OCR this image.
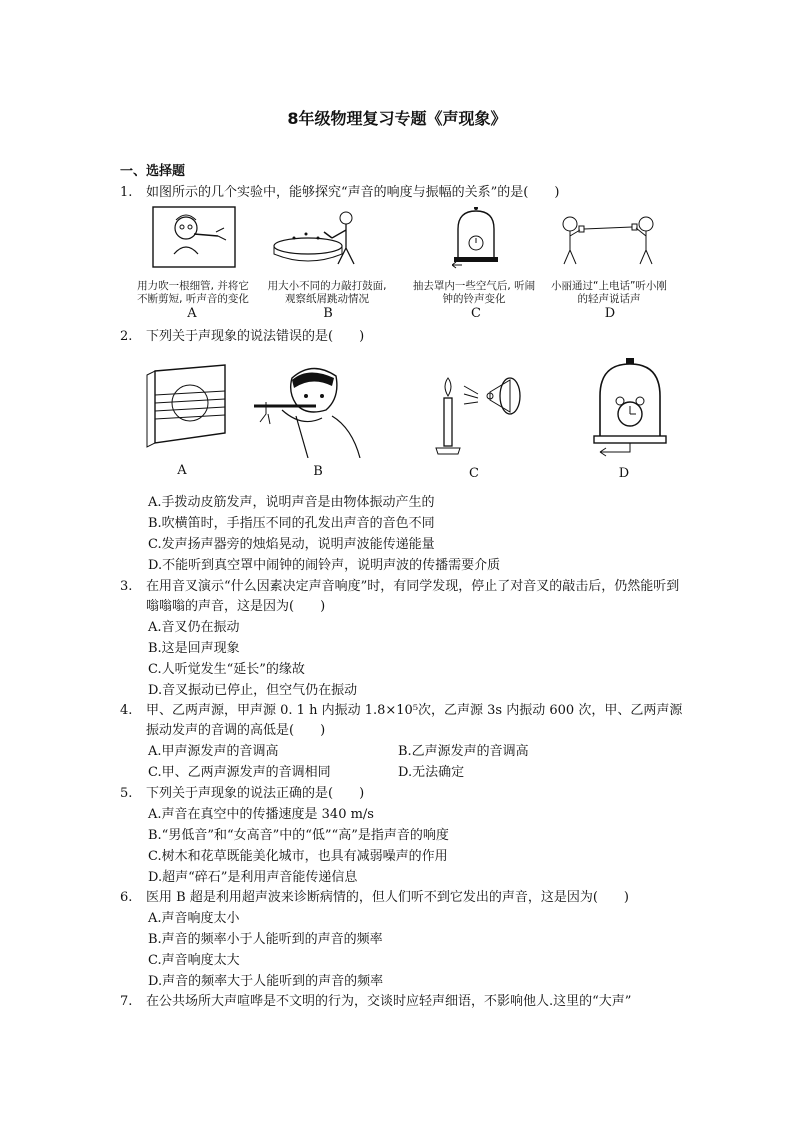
8年级物理复习专题《声现象》
一、选择题
1.	如图所示的几个实验中，能够探究“声音的响度与振幅的关系”的是(　　)
用力吹一根细管, 并将它不断剪短, 听声音的变化
用大小不同的力敲打鼓面, 观察纸屑跳动情况
抽去罩内一些空气后, 听闹钟的铃声变化
小丽通过“上电话”听小刚的轻声说话声
A	B	C	D
2.	下列关于声现象的说法错误的是(　　)
A	B	C	D
A.手拨动皮筋发声，说明声音是由物体振动产生的
B.吹横笛时，手指压不同的孔发出声音的音色不同
C.发声扬声器旁的烛焰晃动，说明声波能传递能量
D.不能听到真空罩中闹钟的闹铃声，说明声波的传播需要介质
3.	在用音叉演示“什么因素决定声音响度”时，有同学发现，停止了对音叉的敲击后，仍然能听到嗡嗡嗡的声音，这是因为(　　)
A.音叉仍在振动
B.这是回声现象
C.人听觉发生“延长”的缘故
D.音叉振动已停止，但空气仍在振动
4.	甲、乙两声源，甲声源 0. 1 h 内振动 1.8×10⁵次，乙声源 3s 内振动 600 次，甲、乙两声源振动发声的音调的高低是(　　)
A.甲声源发声的音调高	B.乙声源发声的音调高
C.甲、乙两声源发声的音调相同	D.无法确定
5.	下列关于声现象的说法正确的是(　　)
A.声音在真空中的传播速度是 340 m/s
B.“男低音”和“女高音”中的“低”“高”是指声音的响度
C.树木和花草既能美化城市，也具有减弱噪声的作用
D.超声“碎石”是利用声音能传递信息
6.	医用 B 超是利用超声波来诊断病情的，但人们听不到它发出的声音，这是因为(　　)
A.声音响度太小
B.声音的频率小于人能听到的声音的频率
C.声音响度太大
D.声音的频率大于人能听到的声音的频率
7.	在公共场所大声喧哗是不文明的行为，交谈时应轻声细语，不影响他人.这里的“大声”
